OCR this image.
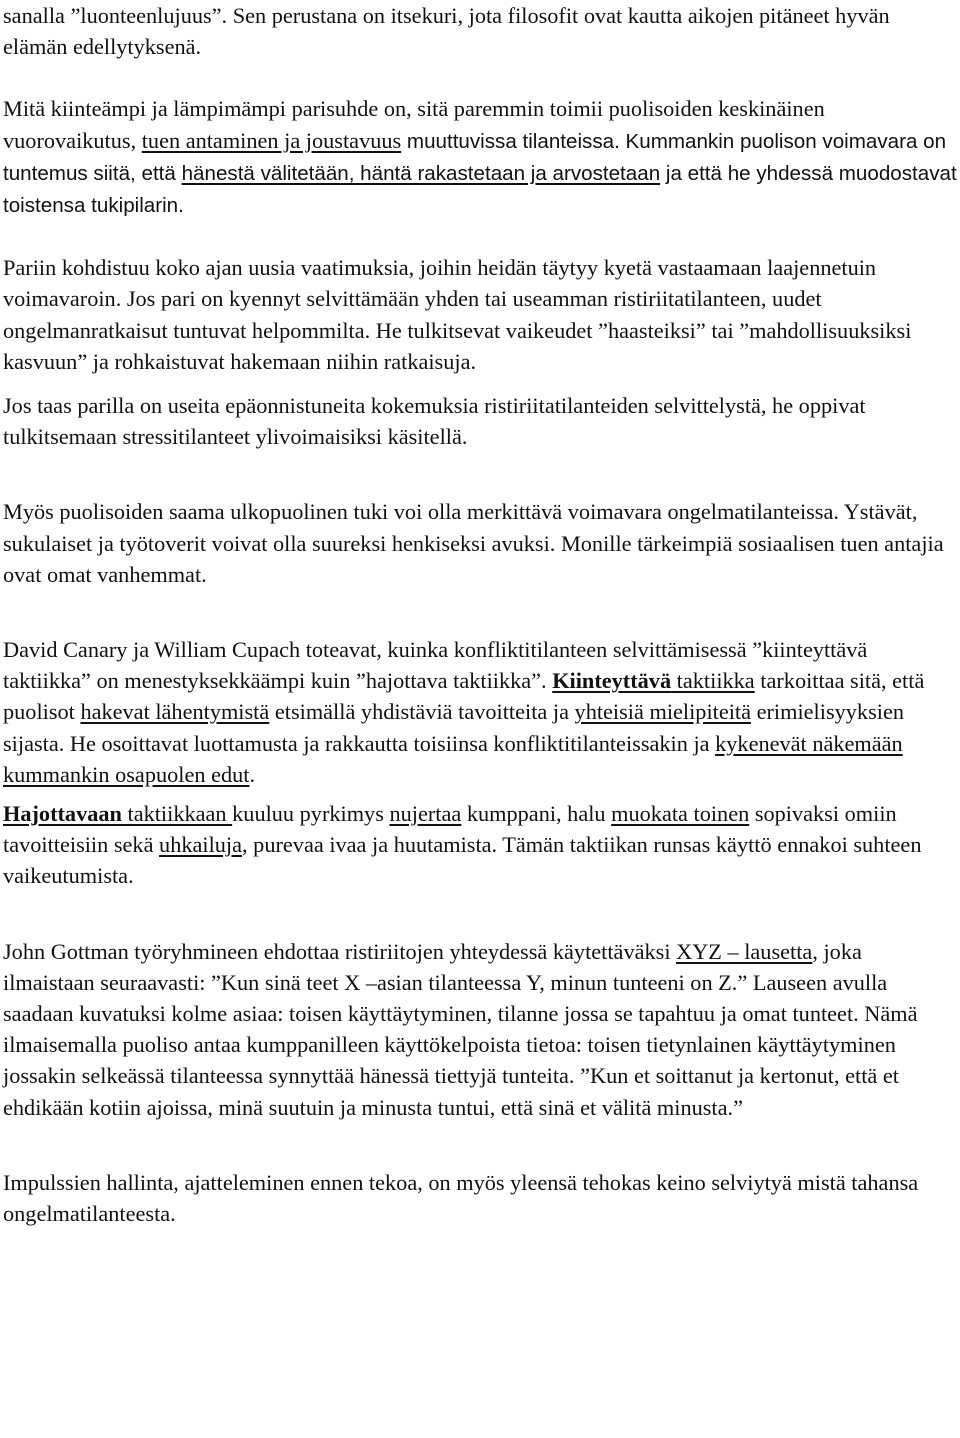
sanalla ”luonteenlujuus”. Sen perustana on itsekuri, jota filosofit ovat kautta aikojen pitäneet hyvän elämän edellytyksenä.

Mitä kiinteämpi ja lämpimämpi parisuhde on, sitä paremmin toimii puolisoiden keskinäinen vuorovaikutus, tuen antaminen ja joustavuus muuttuvissa tilanteissa. Kummankin puolison voimavara on tuntemus siitä, että hänestä välitetään, häntä rakastetaan ja arvostetaan ja että he yhdessä muodostavat toistensa tukipilarin.

Pariin kohdistuu koko ajan uusia vaatimuksia, joihin heidän täytyy kyetä vastaamaan laajennetuin voimavaroin. Jos pari on kyennyt selvittämään yhden tai useamman ristiriitatilanteen, uudet ongelmanratkaisut tuntuvat helpommilta. He tulkitsevat vaikeudet ”haasteiksi” tai ”mahdollisuuksiksi kasvuun” ja rohkaistuvat hakemaan niihin ratkaisuja.

Jos taas parilla on useita epäonnistuneita kokemuksia ristiriitatilanteiden selvittelystä, he oppivat tulkitsemaan stressitilanteet ylivoimaisiksi käsitellä.

Myös puolisoiden saama ulkopuolinen tuki voi olla merkittävä voimavara ongelmatilanteissa. Ystävät, sukulaiset ja työtoverit voivat olla suureksi henkiseksi avuksi. Monille tärkeimpiä sosiaalisen tuen antajia ovat omat vanhemmat.

David Canary ja William Cupach toteavat, kuinka konfliktitilanteen selvittämisessä ”kiinteyttävä taktiikka” on menestyksekkäämpi kuin ”hajottava taktiikka”. Kiinteyttävä taktiikka tarkoittaa sitä, että puolisot hakevat lähentymistä etsimällä yhdistäviä tavoitteita ja yhteisiä mielipiteitä erimielisyyksien sijasta. He osoittavat luottamusta ja rakkautta toisiinsa konfliktitilanteissakin ja kykenevät näkemään kummankin osapuolen edut.

Hajottavaan taktiikkaan kuuluu pyrkimys nujertaa kumppani, halu muokata toinen sopivaksi omiin tavoitteisiin sekä uhkailuja, purevaa ivaa ja huutamista. Tämän taktiikan runsas käyttö ennakoi suhteen vaikeutumista.

John Gottman työryhmineen ehdottaa ristiriitojen yhteydessä käytettäväksi XYZ – lausetta, joka ilmaistaan seuraavasti: ”Kun sinä teet X –asian tilanteessa Y, minun tunteeni on Z.” Lauseen avulla saadaan kuvatuksi kolme asiaa: toisen käyttäytyminen, tilanne jossa se tapahtuu ja omat tunteet. Nämä ilmaisemalla puoliso antaa kumppanilleen käyttökelpoista tietoa: toisen tietynlainen käyttäytyminen jossakin selkeässä tilanteessa synnyttää hänessä tiettyjä tunteita. ”Kun et soittanut ja kertonut, että et ehdikään kotiin ajoissa, minä suutuin ja minusta tuntui, että sinä et välitä minusta.”

Impulssien hallinta, ajatteleminen ennen tekoa, on myös yleensä tehokas keino selviytyä mistä tahansa ongelmatilanteesta.
